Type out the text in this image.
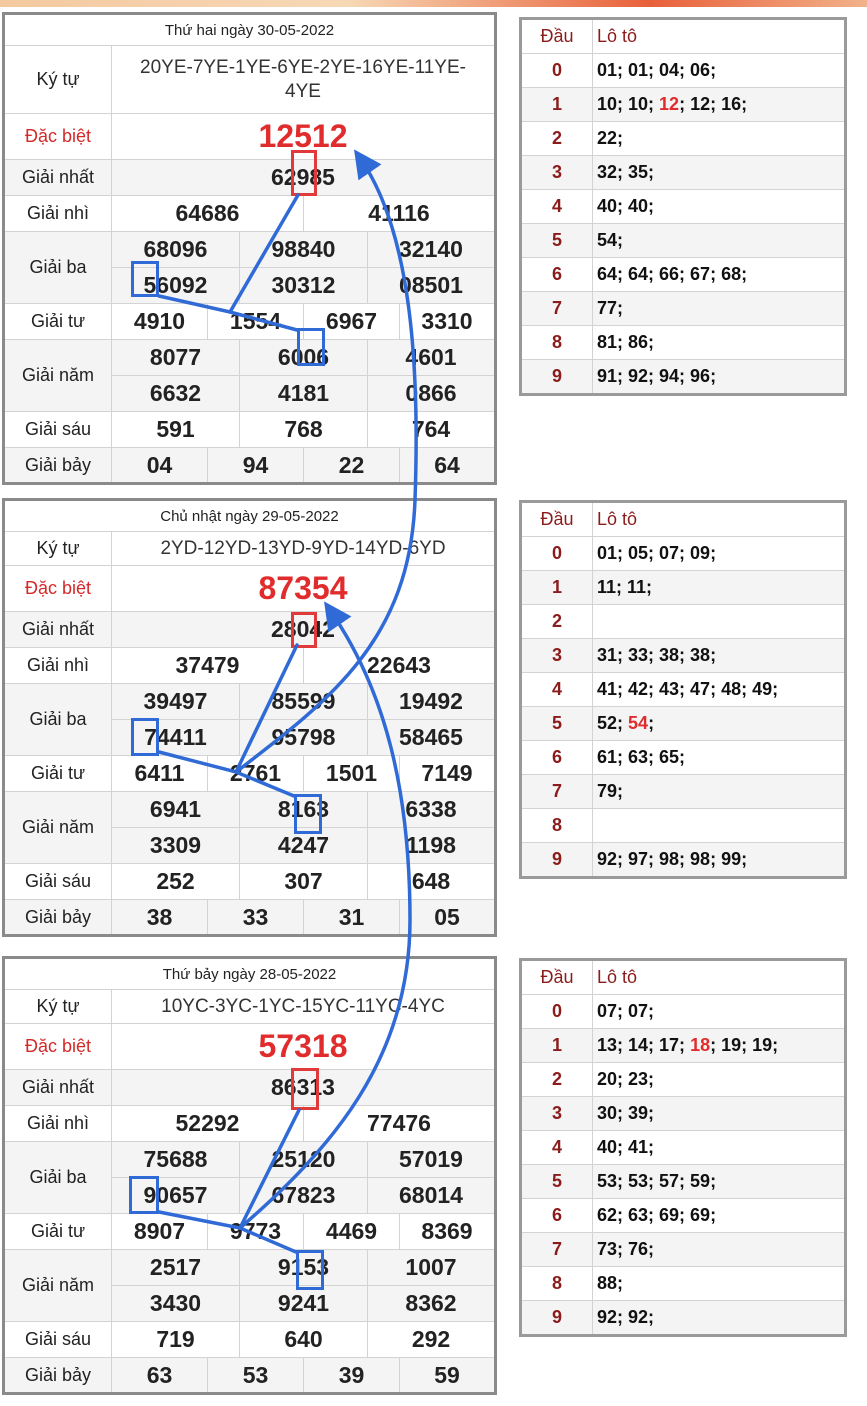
Thứ hai ngày 30-05-2022						
Ký tự	20YE-7YE-1YE-6YE-2YE-16YE-11YE-4YE					
Đặc biệt	12512					
Giải nhất	62985					
Giải nhì	64686			41116		
Giải ba	68096		98840		32140	
	56092		30312		08501	
Giải tư	4910	1554		6967		3310
Giải năm	8077		6006		4601	
	6632		4181		0866	
Giải sáu	591		768		764	
Giải bảy	04	94		22		64
Đầu	Lô tô
0	01; 01; 04; 06;
1	10; 10; 12; 12; 16;
2	22;
3	32; 35;
4	40; 40;
5	54;
6	64; 64; 66; 67; 68;
7	77;
8	81; 86;
9	91; 92; 94; 96;
Chủ nhật ngày 29-05-2022						
Ký tự	2YD-12YD-13YD-9YD-14YD-6YD					
Đặc biệt	87354					
Giải nhất	28042					
Giải nhì	37479			22643		
Giải ba	39497		85599		19492	
	74411		95798		58465	
Giải tư	6411	2761		1501		7149
Giải năm	6941		8163		6338	
	3309		4247		1198	
Giải sáu	252		307		648	
Giải bảy	38	33		31		05
Đầu	Lô tô
0	01; 05; 07; 09;
1	11; 11;
2	
3	31; 33; 38; 38;
4	41; 42; 43; 47; 48; 49;
5	52; 54;
6	61; 63; 65;
7	79;
8	
9	92; 97; 98; 98; 99;
Thứ bảy ngày 28-05-2022						
Ký tự	10YC-3YC-1YC-15YC-11YC-4YC					
Đặc biệt	57318					
Giải nhất	86313					
Giải nhì	52292			77476		
Giải ba	75688		25120		57019	
	90657		67823		68014	
Giải tư	8907	9773		4469		8369
Giải năm	2517		9153		1007	
	3430		9241		8362	
Giải sáu	719		640		292	
Giải bảy	63	53		39		59
Đầu	Lô tô
0	07; 07;
1	13; 14; 17; 18; 19; 19;
2	20; 23;
3	30; 39;
4	40; 41;
5	53; 53; 57; 59;
6	62; 63; 69; 69;
7	73; 76;
8	88;
9	92; 92;
